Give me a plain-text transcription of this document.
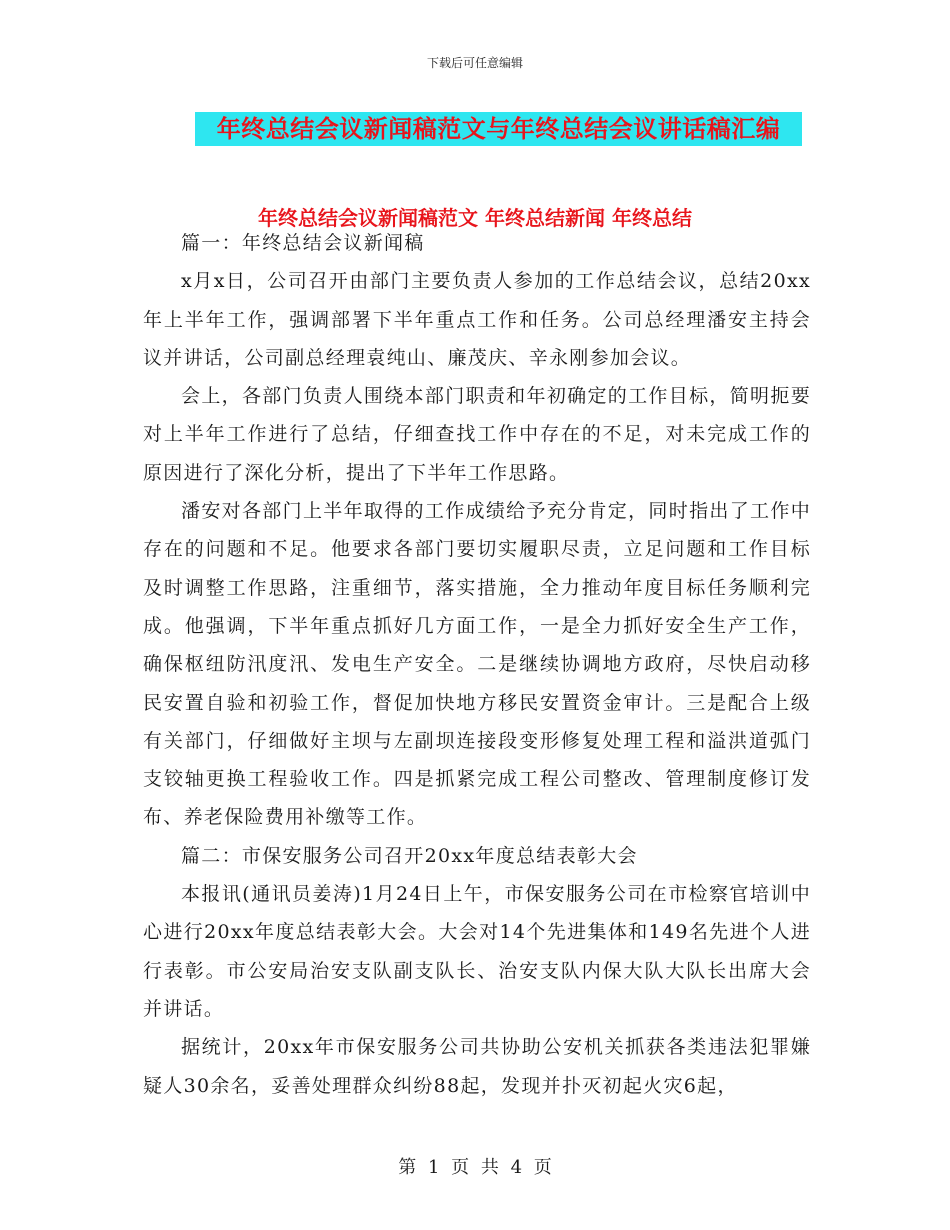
下载后可任意编辑
年终总结会议新闻稿范文与年终总结会议讲话稿汇编
年终总结会议新闻稿范文 年终总结新闻 年终总结

篇一：年终总结会议新闻稿

x月x日，公司召开由部门主要负责人参加的工作总结会议，总结20xx年上半年工作，强调部署下半年重点工作和任务。公司总经理潘安主持会议并讲话，公司副总经理袁纯山、廉茂庆、辛永刚参加会议。

会上，各部门负责人围绕本部门职责和年初确定的工作目标，简明扼要对上半年工作进行了总结，仔细查找工作中存在的不足，对未完成工作的原因进行了深化分析，提出了下半年工作思路。

潘安对各部门上半年取得的工作成绩给予充分肯定，同时指出了工作中存在的问题和不足。他要求各部门要切实履职尽责，立足问题和工作目标及时调整工作思路，注重细节，落实措施，全力推动年度目标任务顺利完成。他强调，下半年重点抓好几方面工作，一是全力抓好安全生产工作，确保枢纽防汛度汛、发电生产安全。二是继续协调地方政府，尽快启动移民安置自验和初验工作，督促加快地方移民安置资金审计。三是配合上级有关部门，仔细做好主坝与左副坝连接段变形修复处理工程和溢洪道弧门支铰轴更换工程验收工作。四是抓紧完成工程公司整改、管理制度修订发布、养老保险费用补缴等工作。

篇二：市保安服务公司召开20xx年度总结表彰大会

本报讯(通讯员姜涛)1月24日上午，市保安服务公司在市检察官培训中心进行20xx年度总结表彰大会。大会对14个先进集体和149名先进个人进行表彰。市公安局治安支队副支队长、治安支队内保大队大队长出席大会并讲话。

据统计，20xx年市保安服务公司共协助公安机关抓获各类违法犯罪嫌疑人30余名，妥善处理群众纠纷88起，发现并扑灭初起火灾6起，

第 1 页 共 4 页
